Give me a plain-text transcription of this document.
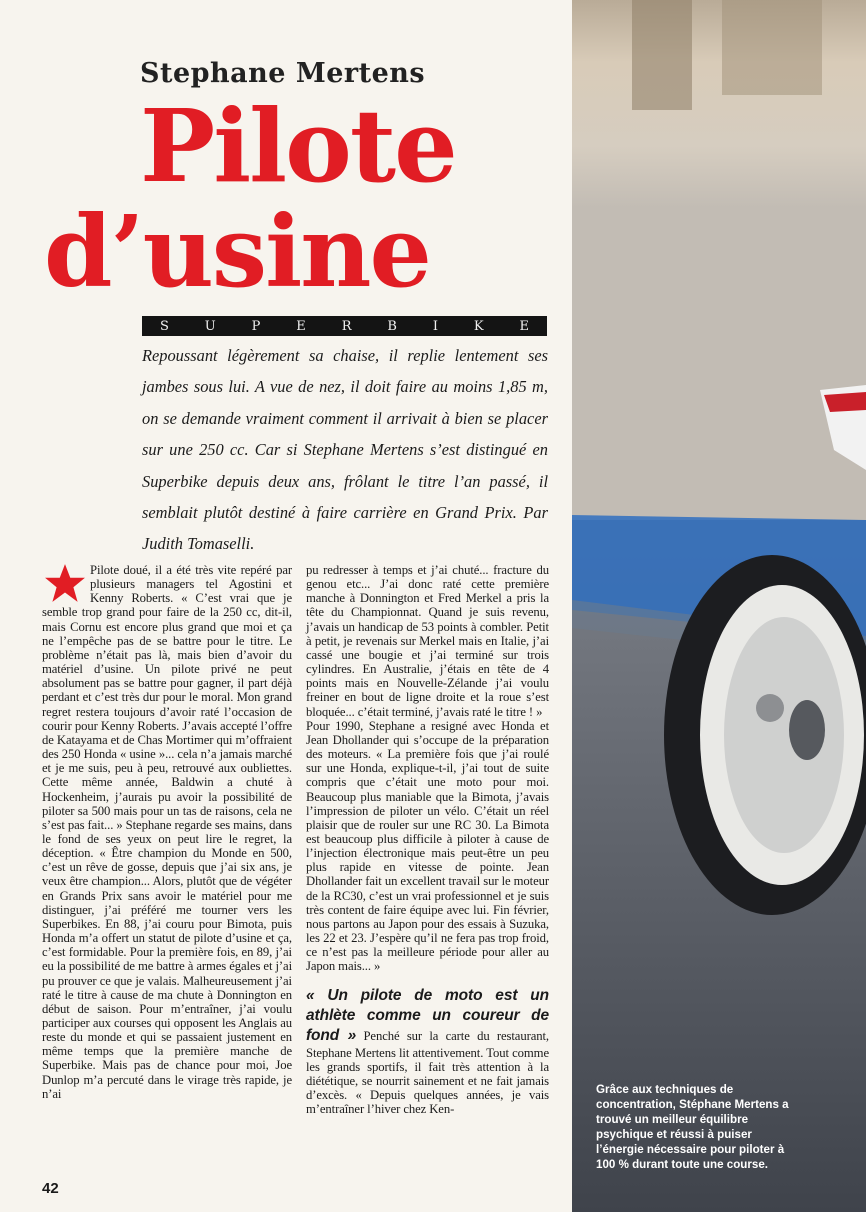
Grâce aux techniques de concentration, Stéphane Mertens a trouvé un meilleur équilibre psychique et réussi à puiser l’énergie nécessaire pour piloter à 100 % durant toute une course.
Stephane Mertens
Pilote
d’usine
S	U	P	E	R	B	I	K	E

Repoussant légèrement sa chaise, il replie lentement ses jambes sous lui. A vue de nez, il doit faire au moins 1,85 m, on se demande vraiment comment il arrivait à bien se placer sur une 250 cc. Car si Stephane Mertens s’est distingué en Superbike depuis deux ans, frôlant le titre l’an passé, il semblait plutôt destiné à faire carrière en Grand Prix. Par Judith Tomaselli.

Pilote doué, il a été très vite repéré par plusieurs managers tel Agostini et Kenny Roberts. « C’est vrai que je semble trop grand pour faire de la 250 cc, dit-il, mais Cornu est encore plus grand que moi et ça ne l’empêche pas de se battre pour le titre. Le problème n’était pas là, mais bien d’avoir du matériel d’usine. Un pilote privé ne peut absolument pas se battre pour gagner, il part déjà perdant et c’est très dur pour le moral. Mon grand regret restera toujours d’avoir raté l’occasion de courir pour Kenny Roberts. J’avais accepté l’offre de Katayama et de Chas Mortimer qui m’offraient des 250 Honda « usine »... cela n’a jamais marché et je me suis, peu à peu, retrouvé aux oubliettes. Cette même année, Baldwin a chuté à Hockenheim, j’aurais pu avoir la possibilité de piloter sa 500 mais pour un tas de raisons, cela ne s’est pas fait... » Stephane regarde ses mains, dans le fond de ses yeux on peut lire le regret, la déception. « Être champion du Monde en 500, c’est un rêve de gosse, depuis que j’ai six ans, je veux être champion... Alors, plutôt que de végéter en Grands Prix sans avoir le matériel pour me distinguer, j’ai préféré me tourner vers les Superbikes. En 88, j’ai couru pour Bimota, puis Honda m’a offert un statut de pilote d’usine et ça, c’est formidable. Pour la première fois, en 89, j’ai eu la possibilité de me battre à armes égales et j’ai pu prouver ce que je valais. Malheureusement j’ai raté le titre à cause de ma chute à Donnington en début de saison. Pour m’entraîner, j’ai voulu participer aux courses qui opposent les Anglais au reste du monde et qui se passaient justement en même temps que la première manche de Superbike. Mais pas de chance pour moi, Joe Dunlop m’a percuté dans le virage très rapide, je n’ai

pu redresser à temps et j’ai chuté... fracture du genou etc... J’ai donc raté cette première manche à Donnington et Fred Merkel a pris la tête du Championnat. Quand je suis revenu, j’avais un handicap de 53 points à combler. Petit à petit, je revenais sur Merkel mais en Italie, j’ai cassé une bougie et j’ai terminé sur trois cylindres. En Australie, j’étais en tête de 4 points mais en Nouvelle-Zélande j’ai voulu freiner en bout de ligne droite et la roue s’est bloquée... c’était terminé, j’avais raté le titre ! »

Pour 1990, Stephane a resigné avec Honda et Jean Dhollander qui s’occupe de la préparation des moteurs. « La première fois que j’ai roulé sur une Honda, explique-t-il, j’ai tout de suite compris que c’était une moto pour moi. Beaucoup plus maniable que la Bimota, j’avais l’impression de piloter un vélo. C’était un réel plaisir que de rouler sur une RC 30. La Bimota est beaucoup plus difficile à piloter à cause de l’injection électronique mais peut-être un peu plus rapide en vitesse de pointe. Jean Dhollander fait un excellent travail sur le moteur de la RC30, c’est un vrai professionnel et je suis très content de faire équipe avec lui. Fin février, nous partons au Japon pour des essais à Suzuka, les 22 et 23. J’espère qu’il ne fera pas trop froid, ce n’est pas la meilleure période pour aller au Japon mais... »

« Un pilote de moto est un athlète comme un coureur de fond » Penché sur la carte du restaurant, Stephane Mertens lit attentivement. Tout comme les grands sportifs, il fait très attention à la diététique, se nourrit sainement et ne fait jamais d’excès. « Depuis quelques années, je vais m’entraîner l’hiver chez Ken-

42
